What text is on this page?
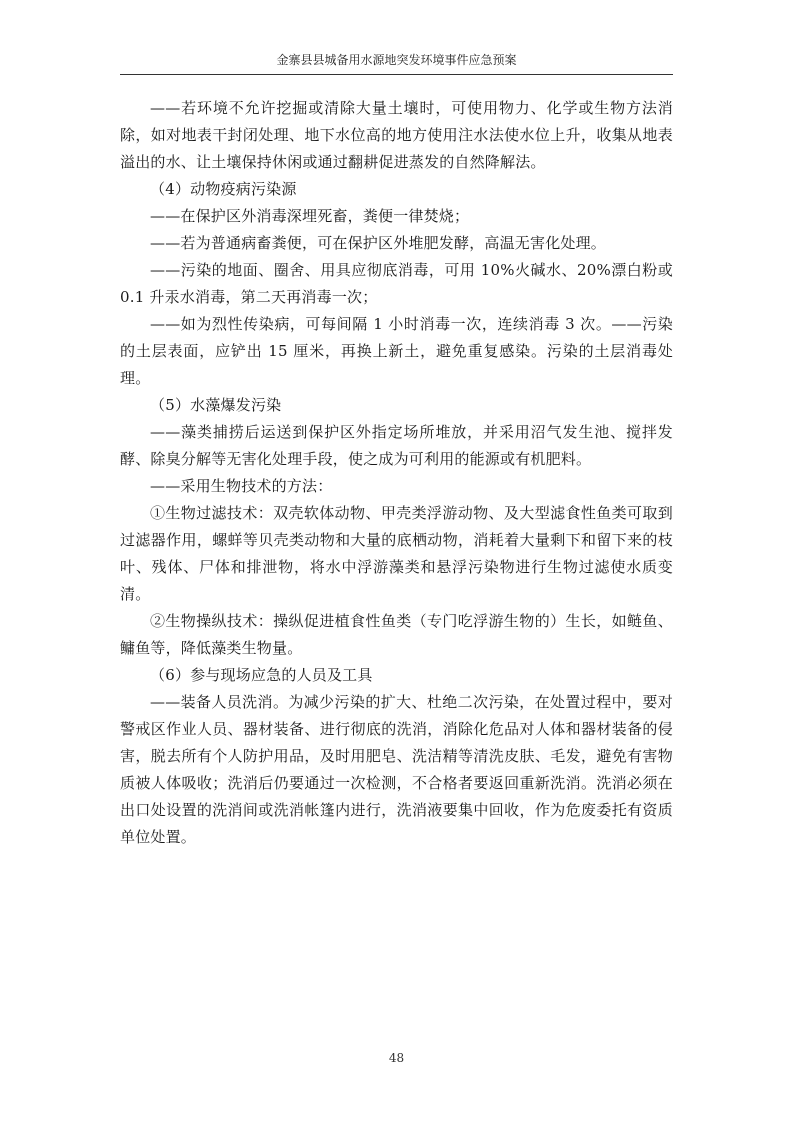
金寨县县城备用水源地突发环境事件应急预案

——若环境不允许挖掘或清除大量土壤时，可使用物力、化学或生物方法消除，如对地表干封闭处理、地下水位高的地方使用注水法使水位上升，收集从地表溢出的水、让土壤保持休闲或通过翻耕促进蒸发的自然降解法。

（4）动物疫病污染源

——在保护区外消毒深埋死畜，粪便一律焚烧；

——若为普通病畜粪便，可在保护区外堆肥发酵，高温无害化处理。

——污染的地面、圈舍、用具应彻底消毒，可用 10%火碱水、20%漂白粉或 0.1 升汞水消毒，第二天再消毒一次；

——如为烈性传染病，可每间隔 1 小时消毒一次，连续消毒 3 次。——污染的土层表面，应铲出 15 厘米，再换上新土，避免重复感染。污染的土层消毒处理。

（5）水藻爆发污染

——藻类捕捞后运送到保护区外指定场所堆放，并采用沼气发生池、搅拌发酵、除臭分解等无害化处理手段，使之成为可利用的能源或有机肥料。

——采用生物技术的方法：

①生物过滤技术：双壳软体动物、甲壳类浮游动物、及大型滤食性鱼类可取到过滤器作用，螺蛘等贝壳类动物和大量的底栖动物，消耗着大量剩下和留下来的枝叶、残体、尸体和排泄物，将水中浮游藻类和悬浮污染物进行生物过滤使水质变清。

②生物操纵技术：操纵促进植食性鱼类（专门吃浮游生物的）生长，如鲢鱼、鳙鱼等，降低藻类生物量。

（6）参与现场应急的人员及工具

——装备人员洗消。为减少污染的扩大、杜绝二次污染，在处置过程中，要对警戒区作业人员、器材装备、进行彻底的洗消，消除化危品对人体和器材装备的侵害，脱去所有个人防护用品，及时用肥皂、洗洁精等清洗皮肤、毛发，避免有害物质被人体吸收；洗消后仍要通过一次检测，不合格者要返回重新洗消。洗消必须在出口处设置的洗消间或洗消帐篷内进行，洗消液要集中回收，作为危废委托有资质单位处置。

48
